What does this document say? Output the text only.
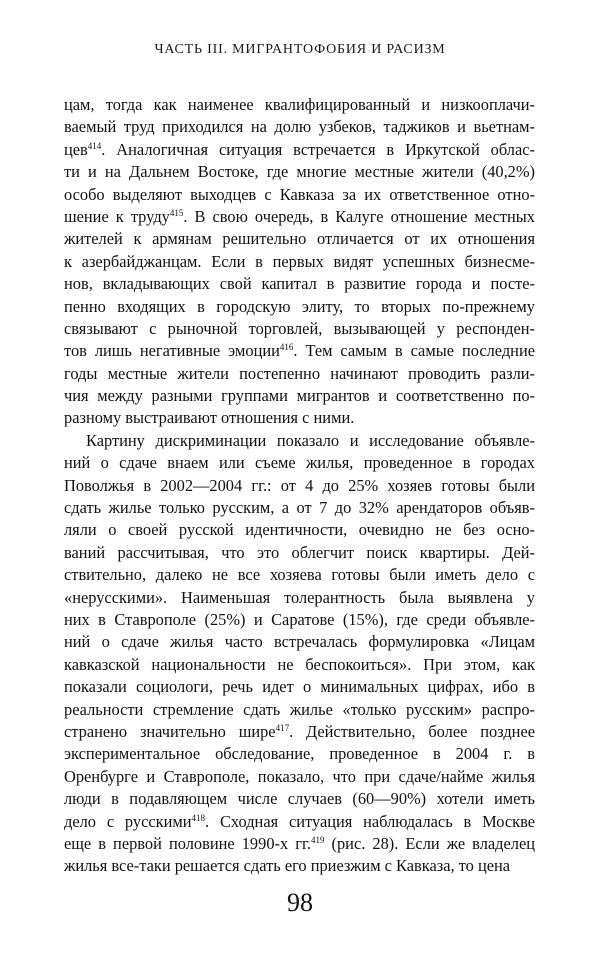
ЧАСТЬ III. МИГРАНТОФОБИЯ И РАСИЗМ
цам, тогда как наименее квалифицированный и низкооплачи-
ваемый труд приходился на долю узбеков, таджиков и вьетнам-
цев$^{414}$. Аналогичная ситуация встречается в Иркутской облас-
ти и на Дальнем Востоке, где многие местные жители (40,2%)
особо выделяют выходцев с Кавказа за их ответственное отно-
шение к труду$^{415}$. В свою очередь, в Калуге отношение местных
жителей к армянам решительно отличается от их отношения
к азербайджанцам. Если в первых видят успешных бизнесме-
нов, вкладывающих свой капитал в развитие города и посте-
пенно входящих в городскую элиту, то вторых по-прежнему
связывают с рыночной торговлей, вызывающей у респонден-
тов лишь негативные эмоции$^{416}$. Тем самым в самые последние
годы местные жители постепенно начинают проводить разли-
чия между разными группами мигрантов и соответственно по-
разному выстраивают отношения с ними.
Картину дискриминации показало и исследование объявле-
ний о сдаче внаем или съеме жилья, проведенное в городах
Поволжья в 2002—2004 гг.: от 4 до 25% хозяев готовы были
сдать жилье только русским, а от 7 до 32% арендаторов объяв-
ляли о своей русской идентичности, очевидно не без осно-
ваний рассчитывая, что это облегчит поиск квартиры. Дей-
ствительно, далеко не все хозяева готовы были иметь дело с
«нерусскими». Наименьшая толерантность была выявлена у
них в Ставрополе (25%) и Саратове (15%), где среди объявле-
ний о сдаче жилья часто встречалась формулировка «Лицам
кавказской национальности не беспокоиться». При этом, как
показали социологи, речь идет о минимальных цифрах, ибо в
реальности стремление сдать жилье «только русским» распро-
странено значительно шире$^{417}$. Действительно, более позднее
экспериментальное обследование, проведенное в 2004 г. в
Оренбурге и Ставрополе, показало, что при сдаче/найме жилья
люди в подавляющем числе случаев (60—90%) хотели иметь
дело с русскими$^{418}$. Сходная ситуация наблюдалась в Москве
еще в первой половине 1990-х гг.$^{419}$ (рис. 28). Если же владелец
жилья все-таки решается сдать его приезжим с Кавказа, то цена
98
